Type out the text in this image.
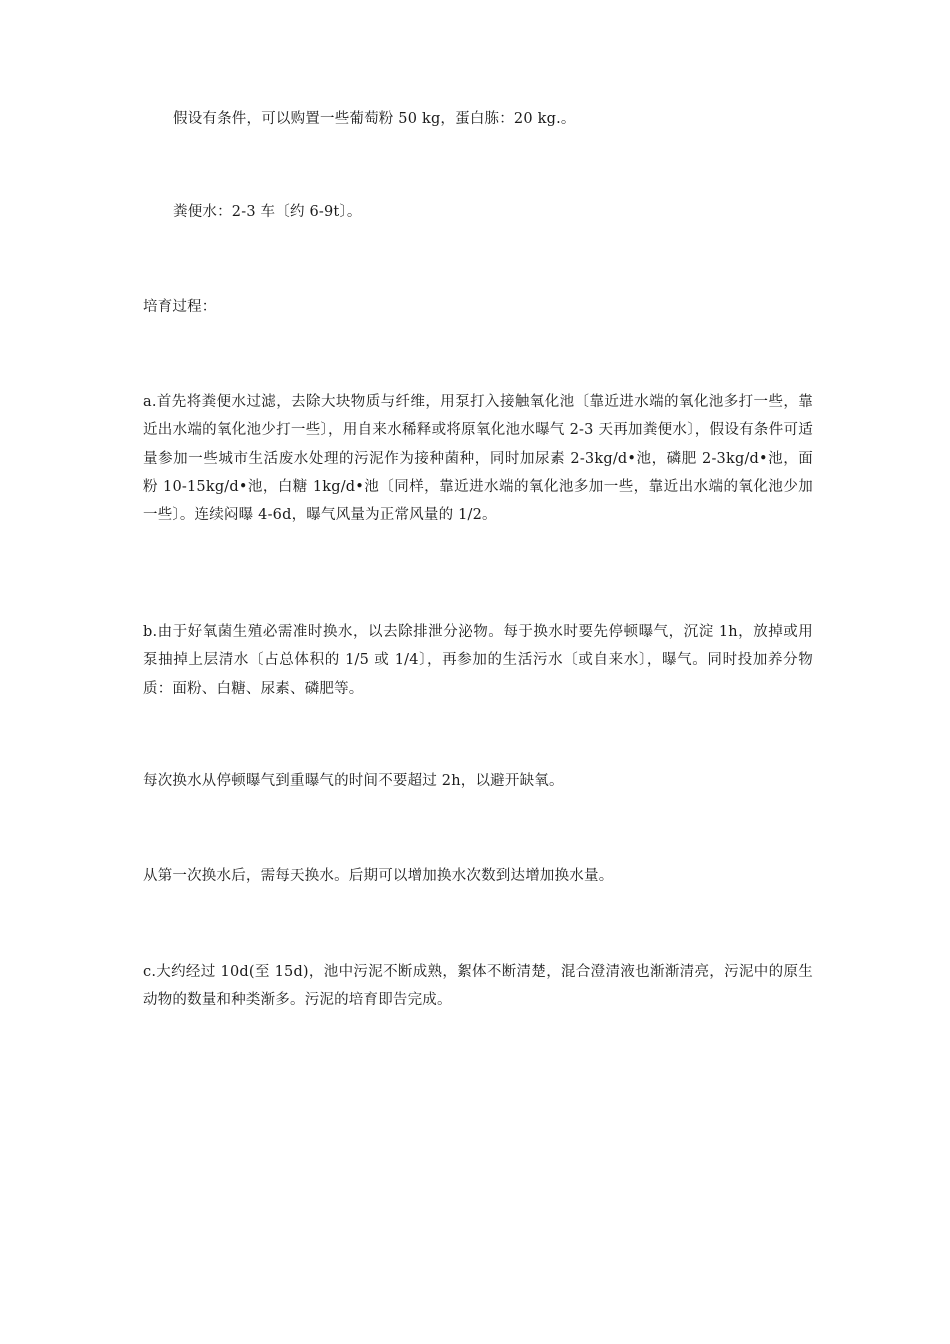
假设有条件，可以购置一些葡萄粉 50 kg，蛋白胨：20 kg.。

粪便水：2-3 车〔约 6-9t〕。

培育过程：

a.首先将粪便水过滤，去除大块物质与纤维，用泵打入接触氧化池〔靠近进水端的氧化池多打一些，靠近出水端的氧化池少打一些〕，用自来水稀释或将原氧化池水曝气 2-3 天再加粪便水〕，假设有条件可适量参加一些城市生活废水处理的污泥作为接种菌种，同时加尿素 2-3kg/d•池，磷肥 2-3kg/d•池，面粉 10-15kg/d•池，白糖 1kg/d•池〔同样，靠近进水端的氧化池多加一些，靠近出水端的氧化池少加一些〕。连续闷曝 4-6d，曝气风量为正常风量的 1/2。

b.由于好氧菌生殖必需准时换水，以去除排泄分泌物。每于换水时要先停顿曝气，沉淀 1h，放掉或用泵抽掉上层清水〔占总体积的 1/5 或 1/4〕，再参加的生活污水〔或自来水〕，曝气。同时投加养分物质：面粉、白糖、尿素、磷肥等。

每次换水从停顿曝气到重曝气的时间不要超过 2h，以避开缺氧。

从第一次换水后，需每天换水。后期可以增加换水次数到达增加换水量。

c.大约经过 10d(至 15d)，池中污泥不断成熟，絮体不断清楚，混合澄清液也渐渐清亮，污泥中的原生动物的数量和种类渐多。污泥的培育即告完成。
